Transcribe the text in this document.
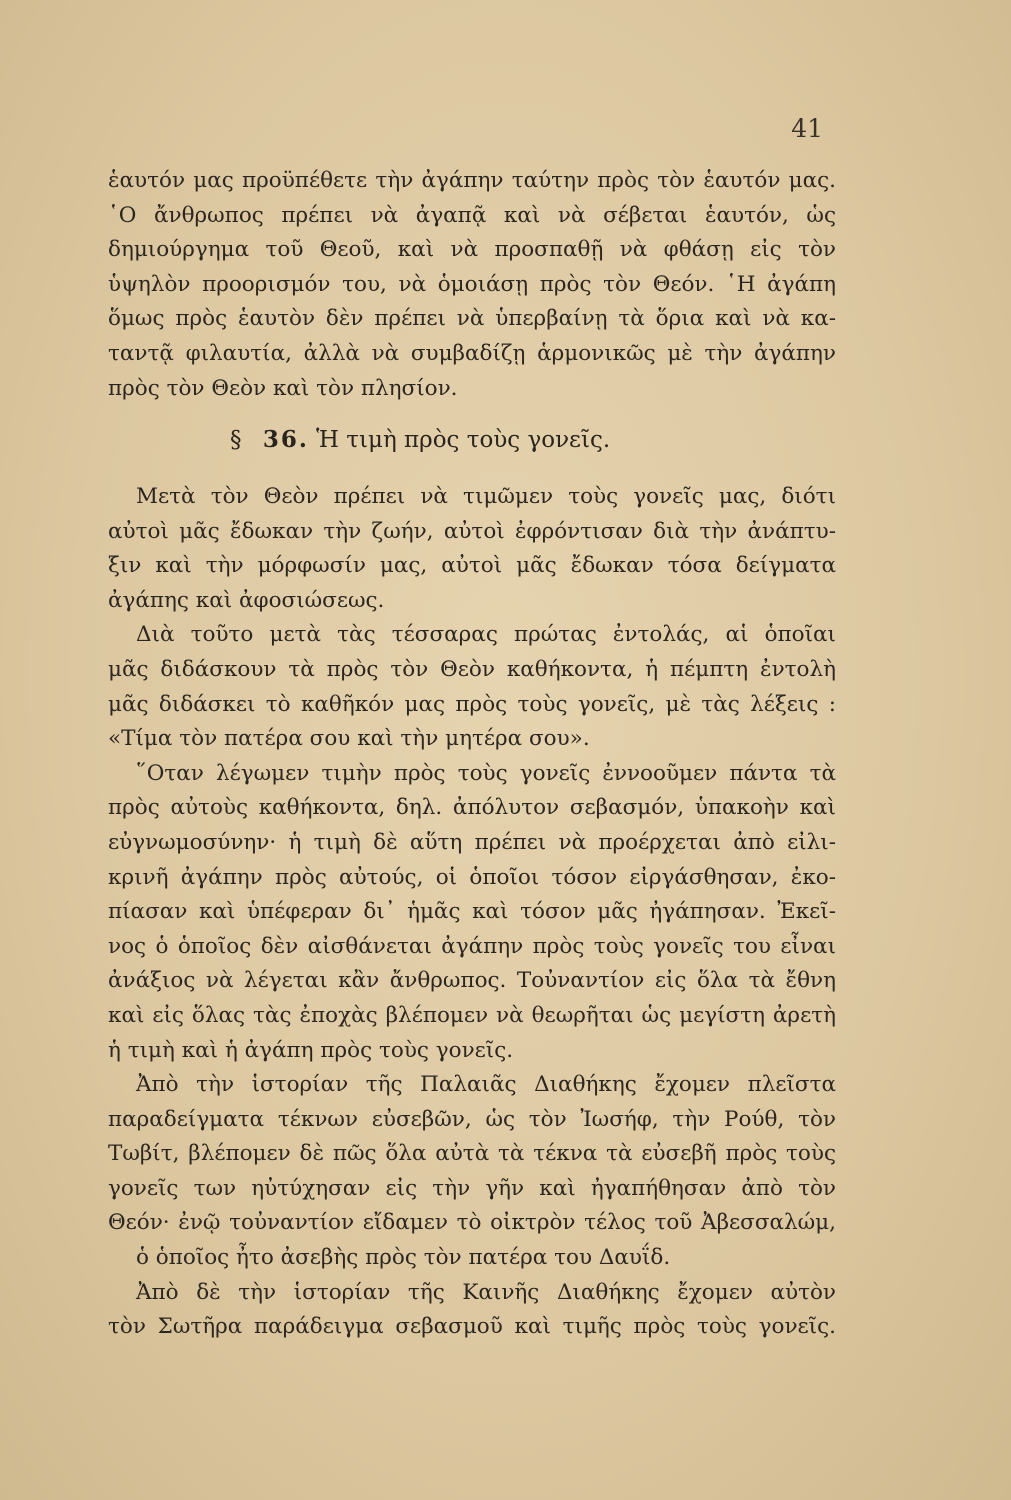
41
ἑαυτόν μας προϋπέθετε τὴν ἀγάπην ταύτην πρὸς τὸν ἑαυτόν μας.
῾Ο ἄνθρωπος πρέπει νὰ ἀγαπᾷ καὶ νὰ σέβεται ἑαυτόν, ὡς
δημιούργημα τοῦ Θεοῦ, καὶ νὰ προσπαθῇ νὰ φθάσῃ εἰς τὸν
ὑψηλὸν προορισμόν του, νὰ ὁμοιάσῃ πρὸς τὸν Θεόν. ῾Η ἀγάπη
ὅμως πρὸς ἑαυτὸν δὲν πρέπει νὰ ὑπερβαίνῃ τὰ ὅρια καὶ νὰ κα-
ταντᾷ φιλαυτία, ἀλλὰ νὰ συμβαδίζῃ ἁρμονικῶς μὲ τὴν ἀγάπην
πρὸς τὸν Θεὸν καὶ τὸν πλησίον.
§ 36. Ἡ τιμὴ πρὸς τοὺς γονεῖς.
Μετὰ τὸν Θεὸν πρέπει νὰ τιμῶμεν τοὺς γονεῖς μας, διότι
αὐτοὶ μᾶς ἔδωκαν τὴν ζωήν, αὐτοὶ ἐφρόντισαν διὰ τὴν ἀνάπτυ-
ξιν καὶ τὴν μόρφωσίν μας, αὐτοὶ μᾶς ἔδωκαν τόσα δείγματα
ἀγάπης καὶ ἀφοσιώσεως.
Διὰ τοῦτο μετὰ τὰς τέσσαρας πρώτας ἐντολάς, αἱ ὁποῖαι
μᾶς διδάσκουν τὰ πρὸς τὸν Θεὸν καθήκοντα, ἡ πέμπτη ἐντολὴ
μᾶς διδάσκει τὸ καθῆκόν μας πρὸς τοὺς γονεῖς, μὲ τὰς λέξεις :
«Τίμα τὸν πατέρα σου καὶ τὴν μητέρα σου».
῞Οταν λέγωμεν τιμὴν πρὸς τοὺς γονεῖς ἐννοοῦμεν πάντα τὰ
πρὸς αὐτοὺς καθήκοντα, δηλ. ἀπόλυτον σεβασμόν, ὑπακοὴν καὶ
εὐγνωμοσύνην· ἡ τιμὴ δὲ αὕτη πρέπει νὰ προέρχεται ἀπὸ εἰλι-
κρινῆ ἀγάπην πρὸς αὐτούς, οἱ ὁποῖοι τόσον εἰργάσθησαν, ἐκο-
πίασαν καὶ ὑπέφεραν δι᾽ ἡμᾶς καὶ τόσον μᾶς ἠγάπησαν. Ἐκεῖ-
νος ὁ ὁποῖος δὲν αἰσθάνεται ἀγάπην πρὸς τοὺς γονεῖς του εἶναι
ἀνάξιος νὰ λέγεται κἂν ἄνθρωπος. Τοὐναντίον εἰς ὅλα τὰ ἔθνη
καὶ εἰς ὅλας τὰς ἐποχὰς βλέπομεν νὰ θεωρῆται ὡς μεγίστη ἀρετὴ
ἡ τιμὴ καὶ ἡ ἀγάπη πρὸς τοὺς γονεῖς.
Ἀπὸ τὴν ἱστορίαν τῆς Παλαιᾶς Διαθήκης ἔχομεν πλεῖστα
παραδείγματα τέκνων εὐσεβῶν, ὡς τὸν Ἰωσήφ, τὴν Ρούθ, τὸν
Τωβίτ, βλέπομεν δὲ πῶς ὅλα αὐτὰ τὰ τέκνα τὰ εὐσεβῆ πρὸς τοὺς
γονεῖς των ηὐτύχησαν εἰς τὴν γῆν καὶ ἠγαπήθησαν ἀπὸ τὸν
Θεόν· ἐνῷ τοὐναντίον εἴδαμεν τὸ οἰκτρὸν τέλος τοῦ Ἀβεσσαλώμ,
ὁ ὁποῖος ἦτο ἀσεβὴς πρὸς τὸν πατέρα του Δαυΐδ.
Ἀπὸ δὲ τὴν ἱστορίαν τῆς Καινῆς Διαθήκης ἔχομεν αὐτὸν
τὸν Σωτῆρα παράδειγμα σεβασμοῦ καὶ τιμῆς πρὸς τοὺς γονεῖς.
